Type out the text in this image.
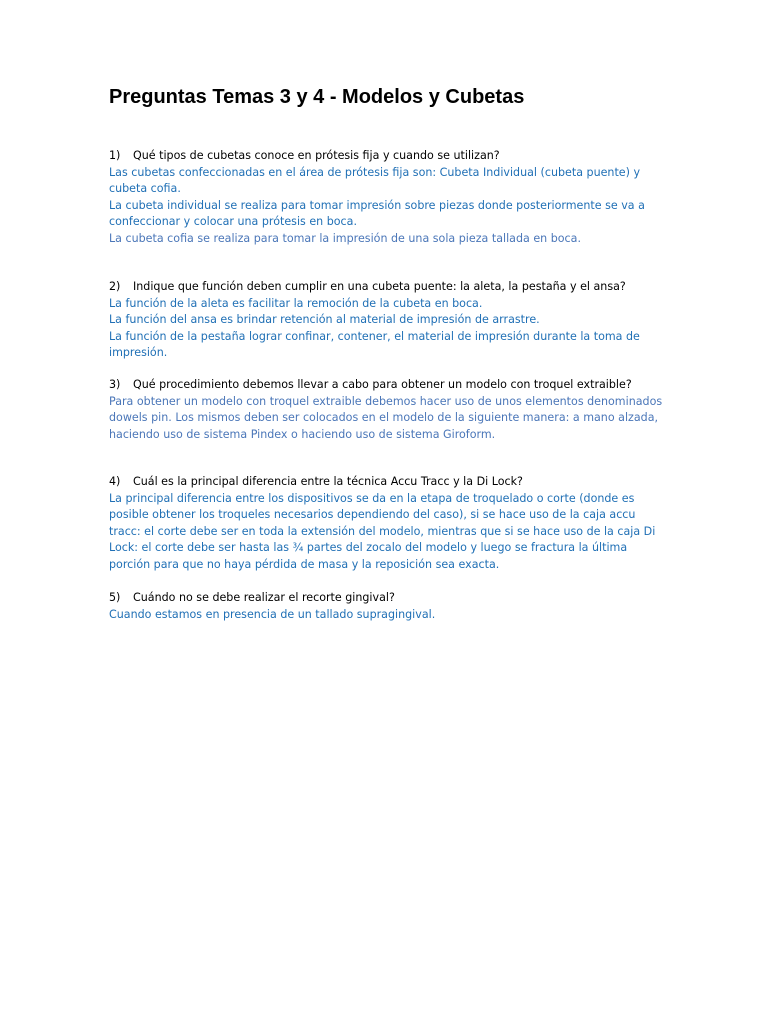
Preguntas Temas 3 y 4 - Modelos y Cubetas

1)	Qué tipos de cubetas conoce en prótesis fija y cuando se utilizan?

Las cubetas confeccionadas en el área de prótesis fija son: Cubeta Individual (cubeta puente) y cubeta cofia.

La cubeta individual se realiza para tomar impresión sobre piezas donde posteriormente se va a confeccionar y colocar una prótesis en boca.

La cubeta cofia se realiza para tomar la impresión de una sola pieza tallada en boca.

2)	Indique que función deben cumplir en una cubeta puente: la aleta, la pestaña y el ansa?

La función de la aleta es facilitar la remoción de la cubeta en boca.

La función del ansa es brindar retención al material de impresión de arrastre.

La función de la pestaña lograr confinar, contener, el material de impresión durante la toma de impresión.

3)	Qué procedimiento debemos llevar a cabo para obtener un modelo con troquel extraible?

Para obtener un modelo con troquel extraible debemos hacer uso de unos elementos denominados dowels pin. Los mismos deben ser colocados en el modelo de la siguiente manera: a mano alzada, haciendo uso de sistema Pindex o haciendo uso de sistema Giroform.

4)	Cuál es la principal diferencia entre la técnica Accu Tracc y la Di Lock?

La principal diferencia entre los dispositivos se da en la etapa de troquelado o corte (donde es posible obtener los troqueles necesarios dependiendo del caso), si se hace uso de la caja accu tracc: el corte debe ser en toda la extensión del modelo, mientras que si se hace uso de la caja Di Lock: el corte debe ser hasta las ¾ partes del zocalo del modelo y luego se fractura la última porción para que no haya pérdida de masa y la reposición sea exacta.

5)	Cuándo no se debe realizar el recorte gingival?

Cuando estamos en presencia de un tallado supragingival.
